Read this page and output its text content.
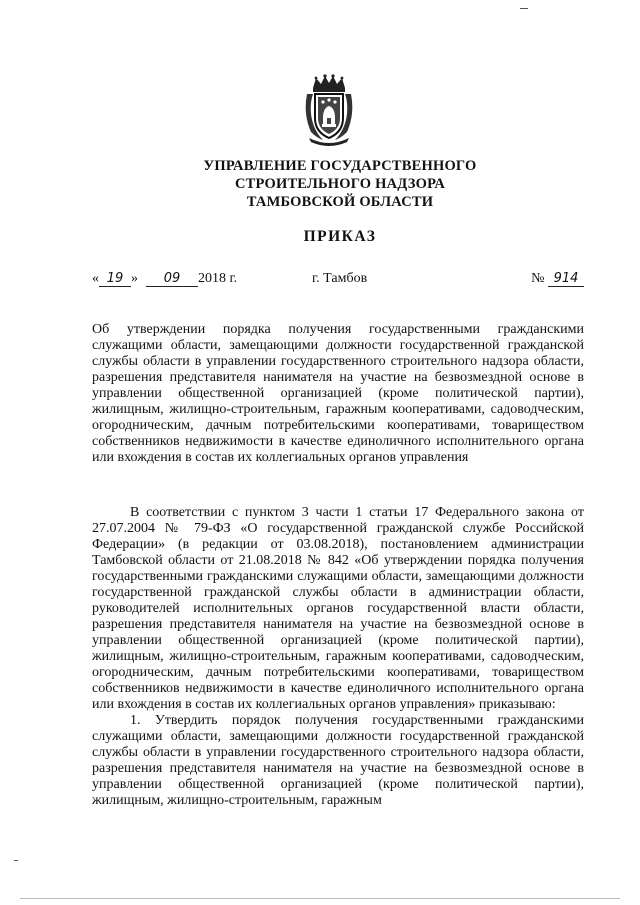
УПРАВЛЕНИЕ ГОСУДАРСТВЕННОГО
СТРОИТЕЛЬНОГО НАДЗОРА
ТАМБОВСКОЙ ОБЛАСТИ
ПРИКАЗ
« 19 » 09 2018 г.	г. Тамбов	№ 914
Об утверждении порядка получения государственными гражданскими служащими области, замещающими должности государственной гражданской службы области в управлении государственного строительного надзора области, разрешения представителя нанимателя на участие на безвозмездной основе в управлении общественной организацией (кроме политической партии), жилищным, жилищно-строительным, гаражным кооперативами, садоводческим, огородническим, дачным потребительскими кооперативами, товариществом собственников недвижимости в качестве единоличного исполнительного органа или вхождения в состав их коллегиальных органов управления

В соответствии с пунктом 3 части 1 статьи 17 Федерального закона от 27.07.2004 № 79-ФЗ «О государственной гражданской службе Российской Федерации» (в редакции от 03.08.2018), постановлением администрации Тамбовской области от 21.08.2018 № 842 «Об утверждении порядка получения государственными гражданскими служащими области, замещающими должности государственной гражданской службы области в администрации области, руководителей исполнительных органов государственной власти области, разрешения представителя нанимателя на участие на безвозмездной основе в управлении общественной организацией (кроме политической партии), жилищным, жилищно-строительным, гаражным кооперативами, садоводческим, огородническим, дачным потребительскими кооперативами, товариществом собственников недвижимости в качестве единоличного исполнительного органа или вхождения в состав их коллегиальных органов управления» приказываю:

1. Утвердить порядок получения государственными гражданскими служащими области, замещающими должности государственной гражданской службы области в управлении государственного строительного надзора области, разрешения представителя нанимателя на участие на безвозмездной основе в управлении общественной организацией (кроме политической партии), жилищным, жилищно-строительным, гаражным
